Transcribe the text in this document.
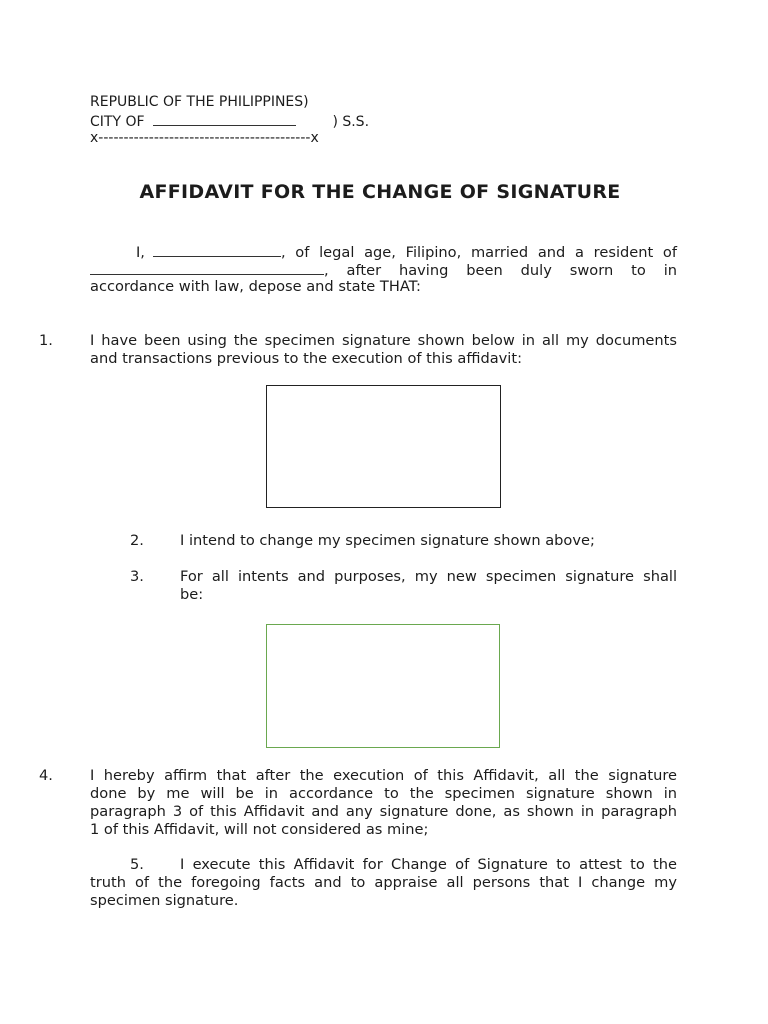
REPUBLIC OF THE PHILIPPINES)
CITY OF	) S.S.
x------------------------------------------x
AFFIDAVIT FOR THE CHANGE OF SIGNATURE
I,	, of legal age, Filipino, married and a resident of
, after having been duly sworn to in
accordance with law, depose and state THAT:
1.	I have been using the specimen signature shown below in all my documents
and transactions previous to the execution of this affidavit:
2. I intend to change my specimen signature shown above;
3. For all intents and purposes, my new specimen signature shall
be:
4.	I hereby affirm that after the execution of this Affidavit, all the signature
done by me will be in accordance to the specimen signature shown in
paragraph 3 of this Affidavit and any signature done, as shown in paragraph
1 of this Affidavit, will not considered as mine;
5. I execute this Affidavit for Change of Signature to attest to the
truth of the foregoing facts and to appraise all persons that I change my
specimen signature.
